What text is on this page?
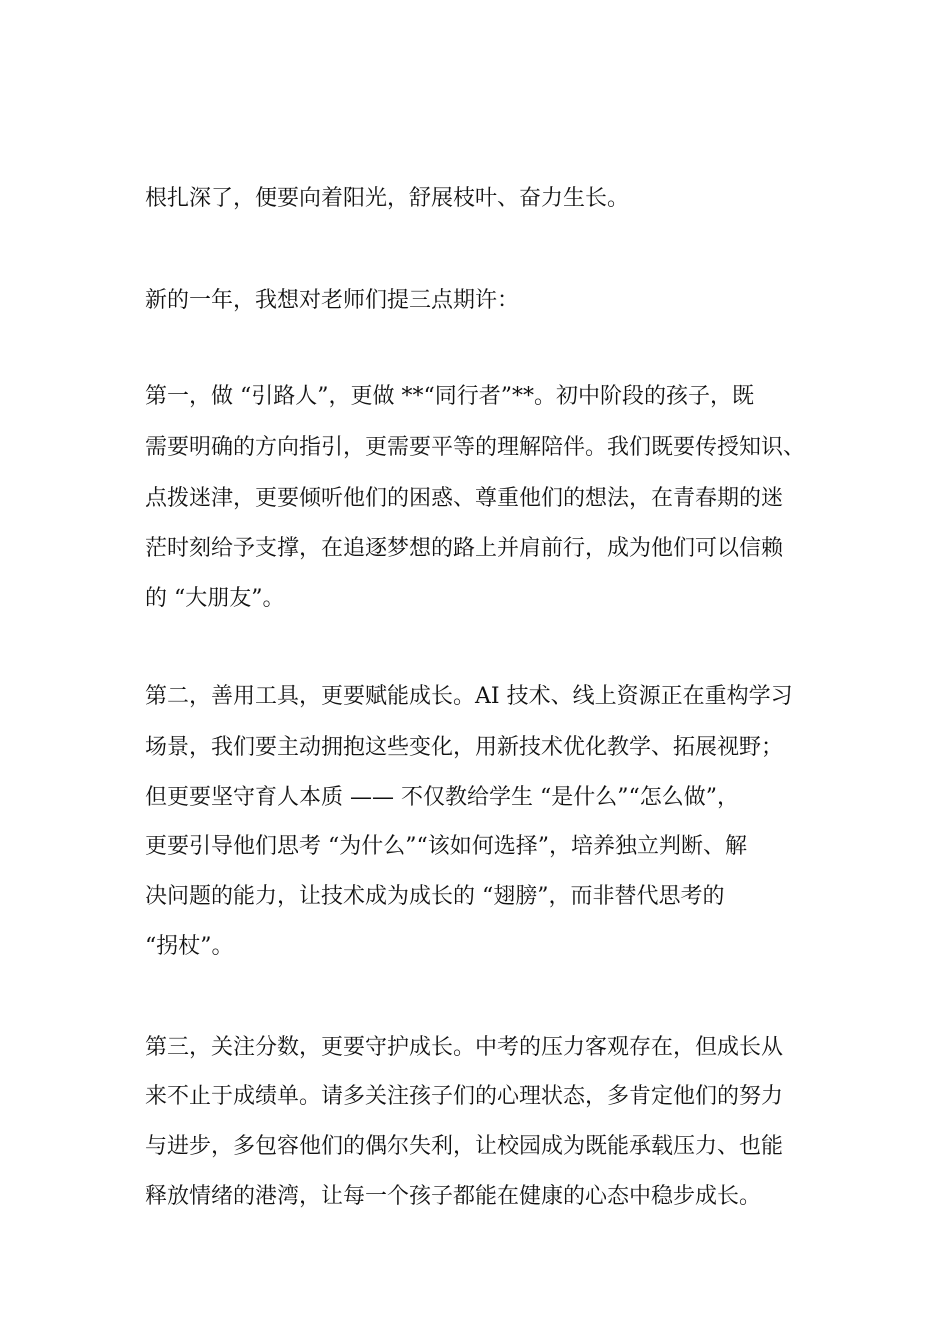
根扎深了，便要向着阳光，舒展枝叶、奋力生长。
新的一年，我想对老师们提三点期许：
第一，做 “引路人”，更做 **“同行者”**。初中阶段的孩子，既
需要明确的方向指引，更需要平等的理解陪伴。我们既要传授知识、
点拨迷津，更要倾听他们的困惑、尊重他们的想法，在青春期的迷
茫时刻给予支撑，在追逐梦想的路上并肩前行，成为他们可以信赖
的 “大朋友”。
第二，善用工具，更要赋能成长。AI 技术、线上资源正在重构学习
场景，我们要主动拥抱这些变化，用新技术优化教学、拓展视野；
但更要坚守育人本质 —— 不仅教给学生 “是什么”“怎么做”，
更要引导他们思考 “为什么”“该如何选择”，培养独立判断、解
决问题的能力，让技术成为成长的 “翅膀”，而非替代思考的
“拐杖”。
第三，关注分数，更要守护成长。中考的压力客观存在，但成长从
来不止于成绩单。请多关注孩子们的心理状态，多肯定他们的努力
与进步，多包容他们的偶尔失利，让校园成为既能承载压力、也能
释放情绪的港湾，让每一个孩子都能在健康的心态中稳步成长。
